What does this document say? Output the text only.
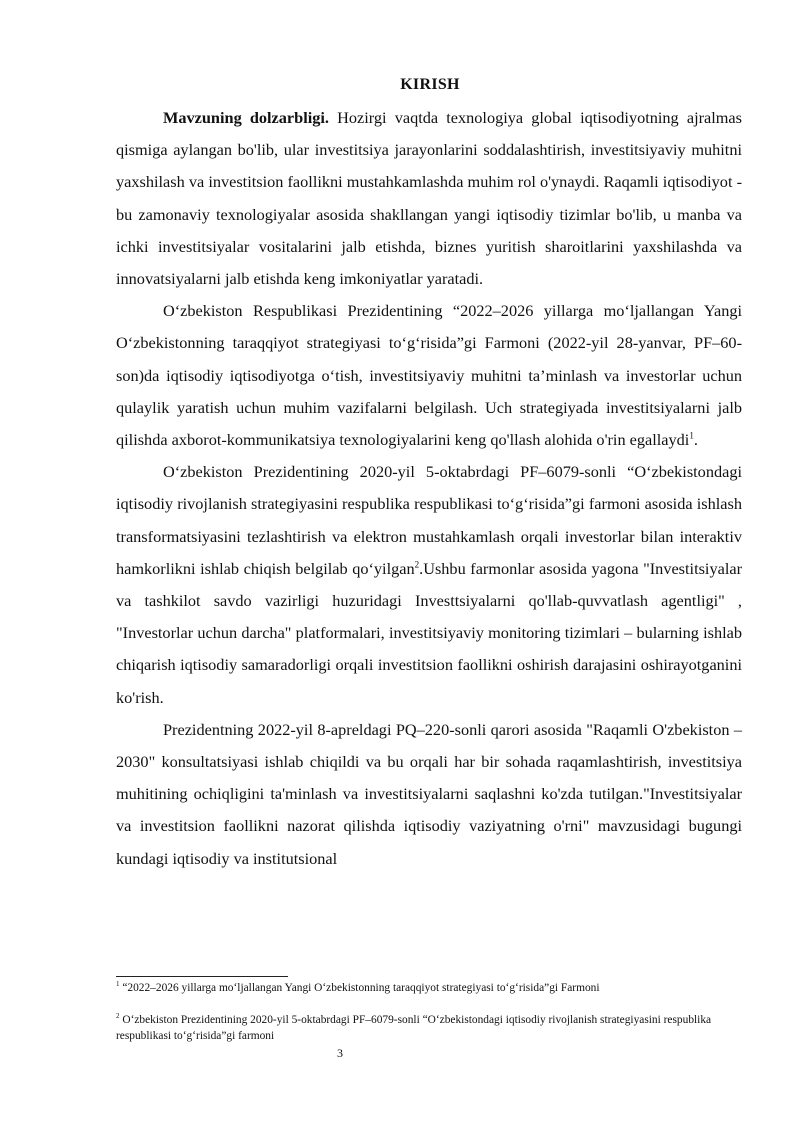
KIRISH

Mavzuning dolzarbligi. Hozirgi vaqtda texnologiya global iqtisodiyotning ajralmas qismiga aylangan bo'lib, ular investitsiya jarayonlarini soddalashtirish, investitsiyaviy muhitni yaxshilash va investitsion faollikni mustahkamlashda muhim rol o'ynaydi. Raqamli iqtisodiyot - bu zamonaviy texnologiyalar asosida shakllangan yangi iqtisodiy tizimlar bo'lib, u manba va ichki investitsiyalar vositalarini jalb etishda, biznes yuritish sharoitlarini yaxshilashda va innovatsiyalarni jalb etishda keng imkoniyatlar yaratadi.

O‘zbekiston Respublikasi Prezidentining “2022–2026 yillarga mo‘ljallangan Yangi O‘zbekistonning taraqqiyot strategiyasi to‘g‘risida”gi Farmoni (2022-yil 28-yanvar, PF–60-son)da iqtisodiy iqtisodiyotga o‘tish, investitsiyaviy muhitni ta’minlash va investorlar uchun qulaylik yaratish uchun muhim vazifalarni belgilash. Uch strategiyada investitsiyalarni jalb qilishda axborot-kommunikatsiya texnologiyalarini keng qo'llash alohida o'rin egallaydi$^1$.

O‘zbekiston Prezidentining 2020-yil 5-oktabrdagi PF–6079-sonli “O‘zbekistondagi iqtisodiy rivojlanish strategiyasini respublika respublikasi to‘g‘risida”gi farmoni asosida ishlash transformatsiyasini tezlashtirish va elektron mustahkamlash orqali investorlar bilan interaktiv hamkorlikni ishlab chiqish belgilab qo‘yilgan$^2$.Ushbu farmonlar asosida yagona "Investitsiyalar va tashkilot savdo vazirligi huzuridagi Investtsiyalarni qo'llab-quvvatlash agentligi" , "Investorlar uchun darcha" platformalari, investitsiyaviy monitoring tizimlari – bularning ishlab chiqarish iqtisodiy samaradorligi orqali investitsion faollikni oshirish darajasini oshirayotganini ko'rish.

Prezidentning 2022-yil 8-apreldagi PQ–220-sonli qarori asosida "Raqamli O'zbekiston – 2030" konsultatsiyasi ishlab chiqildi va bu orqali har bir sohada raqamlashtirish, investitsiya muhitining ochiqligini ta'minlash va investitsiyalarni saqlashni ko'zda tutilgan."Investitsiyalar va investitsion faollikni nazorat qilishda iqtisodiy vaziyatning o'rni" mavzusidagi bugungi kundagi iqtisodiy va institutsional

$^1$ “2022–2026 yillarga mo‘ljallangan Yangi O‘zbekistonning taraqqiyot strategiyasi to‘g‘risida”gi Farmoni

$^2$ O‘zbekiston Prezidentining 2020-yil 5-oktabrdagi PF–6079-sonli “O‘zbekistondagi iqtisodiy rivojlanish strategiyasini respublika respublikasi to‘g‘risida”gi farmoni

3
